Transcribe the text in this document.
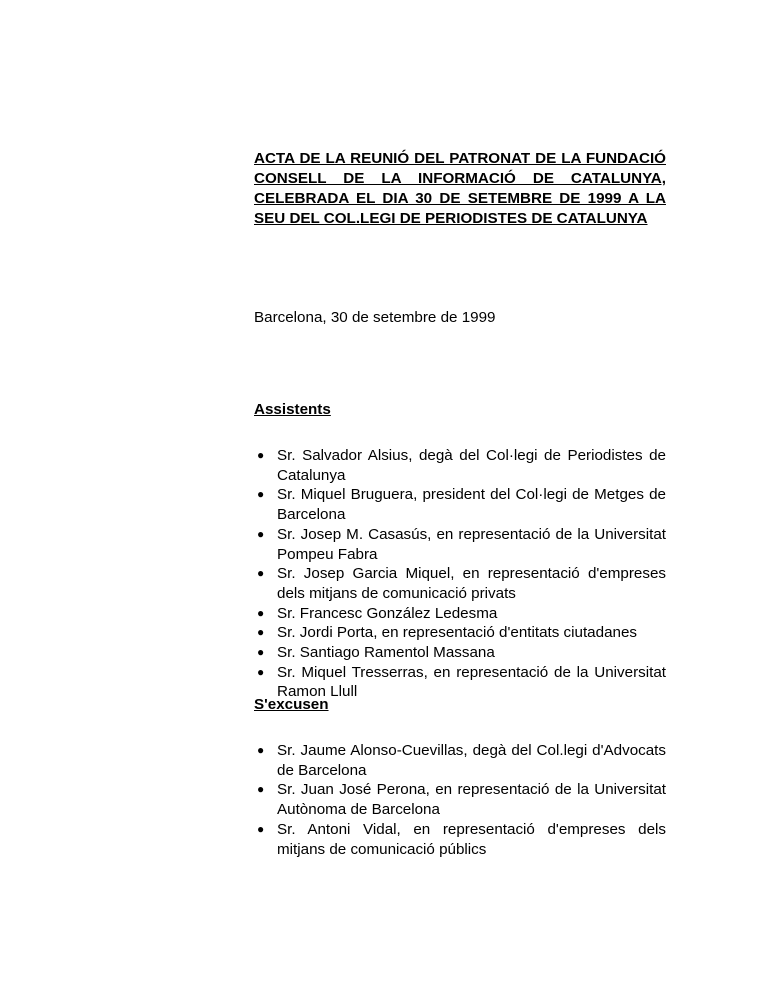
ACTA DE LA REUNIÓ DEL PATRONAT DE LA FUNDACIÓ CONSELL DE LA INFORMACIÓ DE CATALUNYA, CELEBRADA EL DIA 30 DE SETEMBRE DE 1999 A LA SEU DEL COL.LEGI DE PERIODISTES DE CATALUNYA

Barcelona, 30 de setembre de 1999

Assistents

● Sr. Salvador Alsius, degà del Col·legi de Periodistes de Catalunya
● Sr. Miquel Bruguera, president del Col·legi de Metges de Barcelona
● Sr. Josep M. Casasús, en representació de la Universitat Pompeu Fabra
● Sr. Josep Garcia Miquel, en representació d'empreses dels mitjans de comunicació privats
● Sr. Francesc González Ledesma
● Sr. Jordi Porta, en representació d'entitats ciutadanes
● Sr. Santiago Ramentol Massana
● Sr. Miquel Tresserras, en representació de la Universitat Ramon Llull

S'excusen

● Sr. Jaume Alonso-Cuevillas, degà del Col.legi d'Advocats de Barcelona
● Sr. Juan José Perona, en representació de la Universitat Autònoma de Barcelona
● Sr. Antoni Vidal, en representació d'empreses dels mitjans de comunicació públics
